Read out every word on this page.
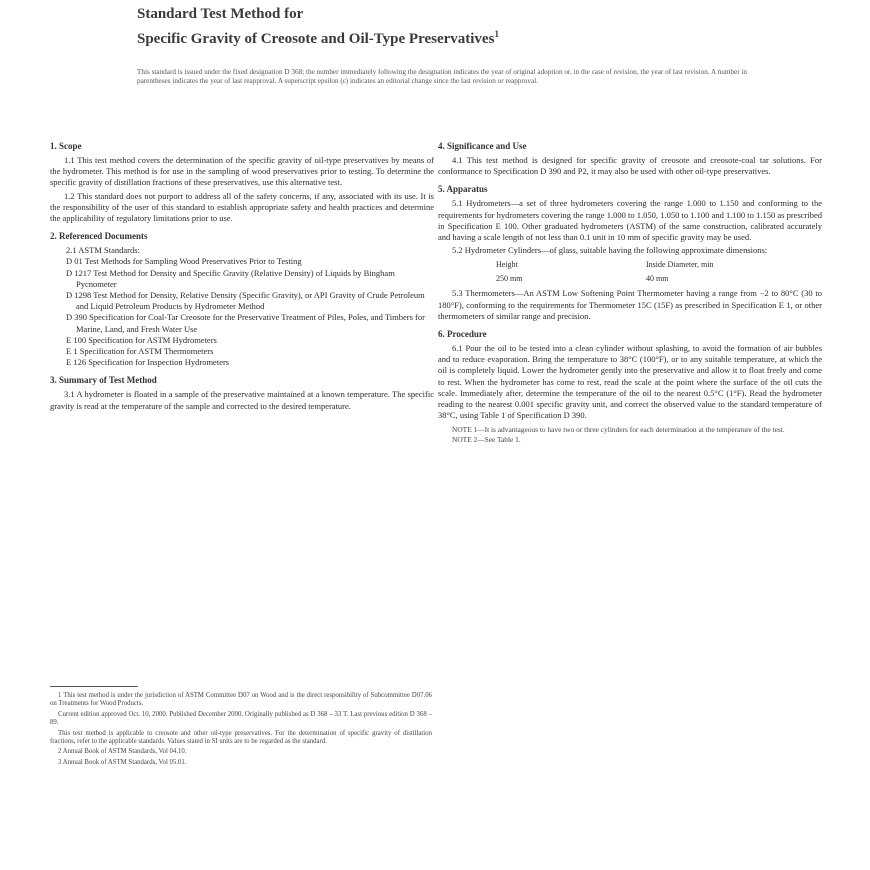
Standard Test Method for
Specific Gravity of Creosote and Oil-Type Preservatives$^1$
This standard is issued under the fixed designation D 368; the number immediately following the designation indicates the year of original adoption or, in the case of revision, the year of last revision. A number in parentheses indicates the year of last reapproval. A superscript epsilon (ε) indicates an editorial change since the last revision or reapproval.
1. Scope

1.1 This test method covers the determination of the specific gravity of oil-type preservatives by means of the hydrometer. This method is for use in the sampling of wood preservatives prior to testing. To determine the specific gravity of distillation fractions of these preservatives, use this alternative test.

1.2 This standard does not purport to address all of the safety concerns, if any, associated with its use. It is the responsibility of the user of this standard to establish appropriate safety and health practices and determine the applicability of regulatory limitations prior to use.

2. Referenced Documents

2.1 ASTM Standards:

D 01 Test Methods for Sampling Wood Preservatives Prior to Testing

D 1217 Test Method for Density and Specific Gravity (Relative Density) of Liquids by Bingham Pycnometer

D 1298 Test Method for Density, Relative Density (Specific Gravity), or API Gravity of Crude Petroleum and Liquid Petroleum Products by Hydrometer Method

D 390 Specification for Coal-Tar Creosote for the Preservative Treatment of Piles, Poles, and Timbers for Marine, Land, and Fresh Water Use

E 100 Specification for ASTM Hydrometers

E 1 Specification for ASTM Thermometers

E 126 Specification for Inspection Hydrometers

3. Summary of Test Method

3.1 A hydrometer is floated in a sample of the preservative maintained at a known temperature. The specific gravity is read at the temperature of the sample and corrected to the desired temperature.

1 This test method is under the jurisdiction of ASTM Committee D07 on Wood and is the direct responsibility of Subcommittee D07.06 on Treatments for Wood Products.

Current edition approved Oct. 10, 2000. Published December 2000. Originally published as D 368 – 33 T. Last previous edition D 368 – 89.

This test method is applicable to creosote and other oil-type preservatives. For the determination of specific gravity of distillation fractions, refer to the applicable standards. Values stated in SI units are to be regarded as the standard.

2 Annual Book of ASTM Standards, Vol 04.10.

3 Annual Book of ASTM Standards, Vol 05.01.

4. Significance and Use

4.1 This test method is designed for specific gravity of creosote and creosote-coal tar solutions. For conformance to Specification D 390 and P2, it may also be used with other oil-type preservatives.

5. Apparatus

5.1 Hydrometers—a set of three hydrometers covering the range 1.000 to 1.150 and conforming to the requirements for hydrometers covering the range 1.000 to 1.050, 1.050 to 1.100 and 1.100 to 1.150 as prescribed in Specification E 100. Other graduated hydrometers (ASTM) of the same construction, calibrated accurately and having a scale length of not less than 0.1 unit in 10 mm of specific gravity may be used.

5.2 Hydrometer Cylinders—of glass, suitable having the following approximate dimensions:

Height	Inside Diameter, min
250 mm	40 mm

5.3 Thermometers—An ASTM Low Softening Point Thermometer having a range from −2 to 80°C (30 to 180°F), conforming to the requirements for Thermometer 15C (15F) as prescribed in Specification E 1, or other thermometers of similar range and precision.

6. Procedure

6.1 Pour the oil to be tested into a clean cylinder without splashing, to avoid the formation of air bubbles and to reduce evaporation. Bring the temperature to 38°C (100°F), or to any suitable temperature, at which the oil is completely liquid. Lower the hydrometer gently into the preservative and allow it to float freely and come to rest. When the hydrometer has come to rest, read the scale at the point where the surface of the oil cuts the scale. Immediately after, determine the temperature of the oil to the nearest 0.5°C (1°F). Read the hydrometer reading to the nearest 0.001 specific gravity unit, and correct the observed value to the standard temperature of 38°C, using Table 1 of Specification D 390.

NOTE 1—It is advantageous to have two or three cylinders for each determination at the temperature of the test.

NOTE 2—See Table 1.
